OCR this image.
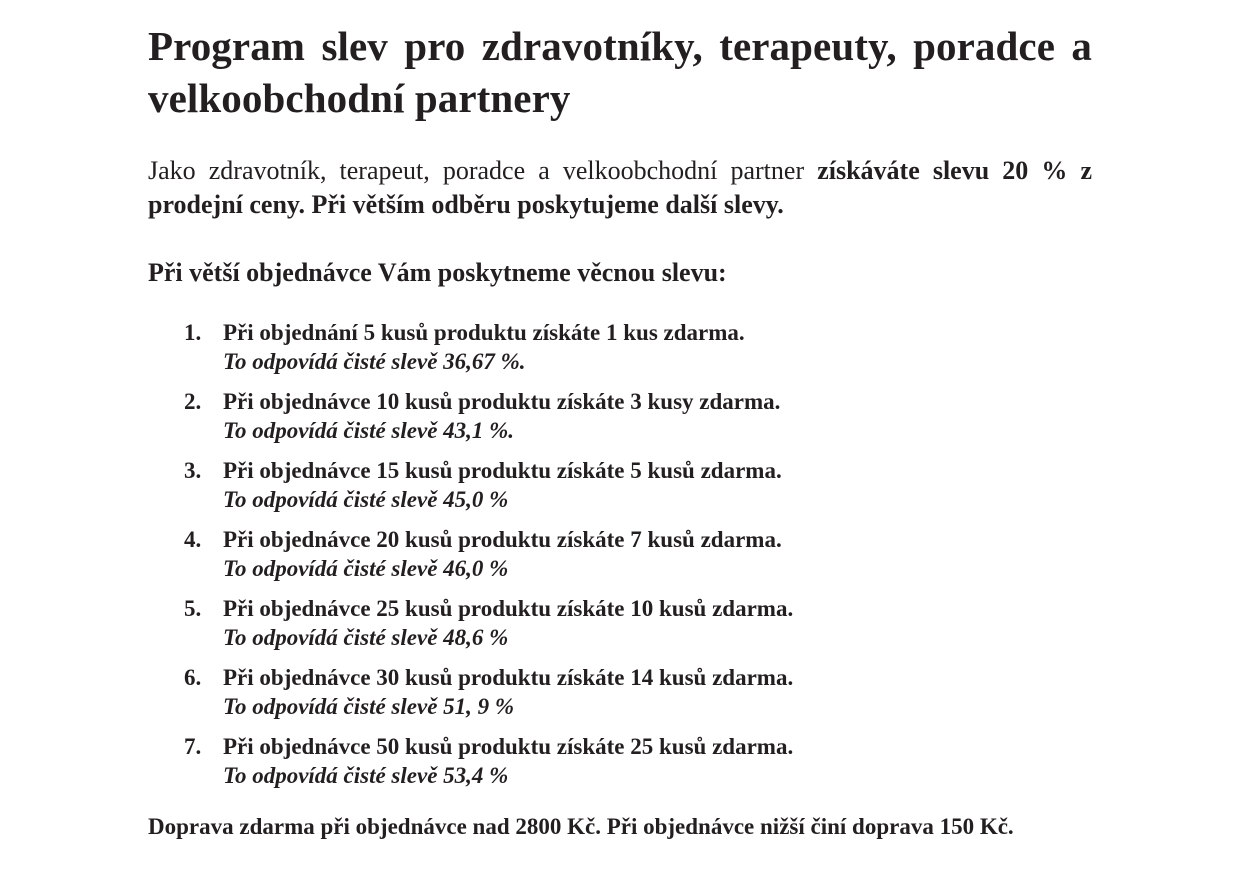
Program slev pro zdravotníky, terapeuty, poradce a velkoobchodní partnery

Jako zdravotník, terapeut, poradce a velkoobchodní partner získáváte slevu 20 % z prodejní ceny. Při větším odběru poskytujeme další slevy.

Při větší objednávce Vám poskytneme věcnou slevu:

1. Při objednání 5 kusů produktu získáte 1 kus zdarma.
To odpovídá čisté slevě 36,67 %.
2. Při objednávce 10 kusů produktu získáte 3 kusy zdarma.
To odpovídá čisté slevě 43,1 %.
3. Při objednávce 15 kusů produktu získáte 5 kusů zdarma.
To odpovídá čisté slevě 45,0 %
4. Při objednávce 20 kusů produktu získáte 7 kusů zdarma.
To odpovídá čisté slevě 46,0 %
5. Při objednávce 25 kusů produktu získáte 10 kusů zdarma.
To odpovídá čisté slevě 48,6 %
6. Při objednávce 30 kusů produktu získáte 14 kusů zdarma.
To odpovídá čisté slevě 51, 9 %
7. Při objednávce 50 kusů produktu získáte 25 kusů zdarma.
To odpovídá čisté slevě 53,4 %

Doprava zdarma při objednávce nad 2800 Kč. Při objednávce nižší činí doprava 150 Kč.
